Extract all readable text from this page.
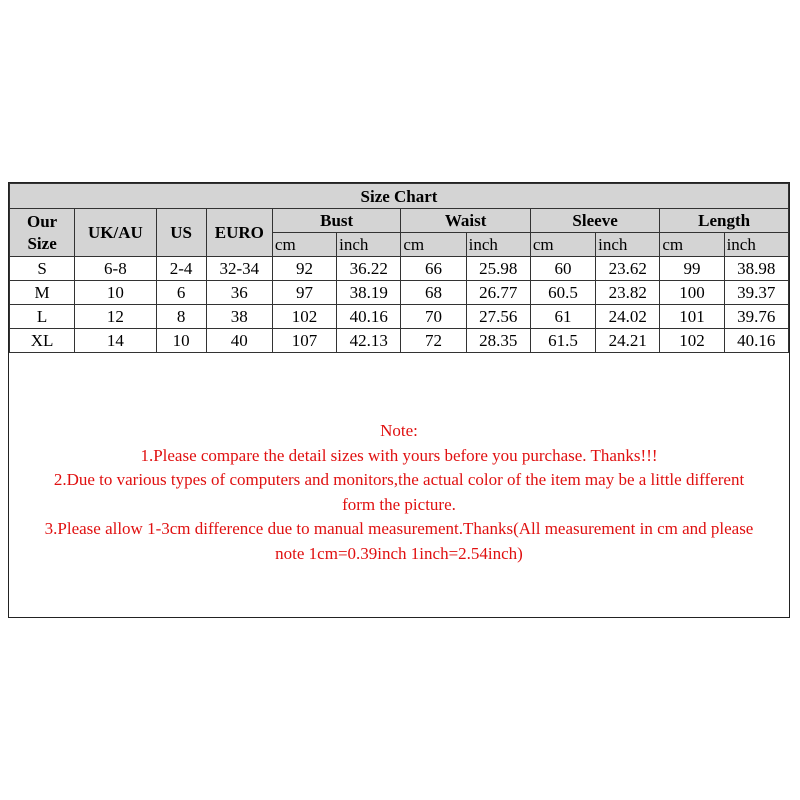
Size Chart											

Our
Size	UK/AU	US	EURO	Bust		Waist		Sleeve		Length	
				cm	inch	cm	inch	cm	inch	cm	inch
S	6-8	2-4	32-34	92	36.22	66	25.98	60	23.62	99	38.98
M	10	6	36	97	38.19	68	26.77	60.5	23.82	100	39.37
L	12	8	38	102	40.16	70	27.56	61	24.02	101	39.76
XL	14	10	40	107	42.13	72	28.35	61.5	24.21	102	40.16
Note:
1.Please compare the detail sizes with yours before you purchase. Thanks!!!
2.Due to various types of computers and monitors,the actual color of the item may be a little different
form the picture.
3.Please allow 1-3cm difference due to manual measurement.Thanks(All measurement in cm and please
note 1cm=0.39inch 1inch=2.54inch)
